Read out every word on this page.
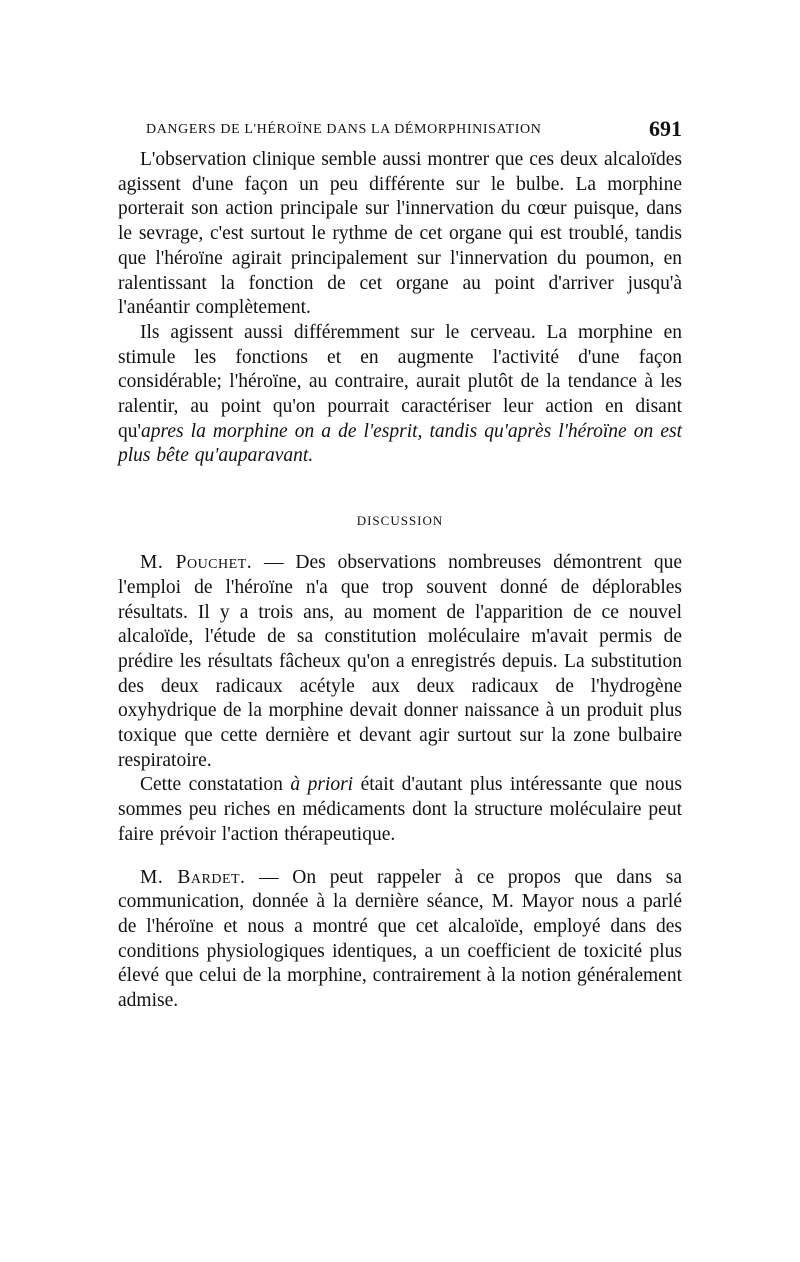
DANGERS DE L'HÉROÏNE DANS LA DÉMORPHINISATION	691

L'observation clinique semble aussi montrer que ces deux alcaloïdes agissent d'une façon un peu différente sur le bulbe. La morphine porterait son action principale sur l'innervation du cœur puisque, dans le sevrage, c'est surtout le rythme de cet organe qui est troublé, tandis que l'héroïne agirait principalement sur l'innervation du poumon, en ralentissant la fonction de cet organe au point d'arriver jusqu'à l'anéantir complètement.

Ils agissent aussi différemment sur le cerveau. La morphine en stimule les fonctions et en augmente l'activité d'une façon considérable; l'héroïne, au contraire, aurait plutôt de la tendance à les ralentir, au point qu'on pourrait caractériser leur action en disant qu'apres la morphine on a de l'esprit, tandis qu'après l'héroïne on est plus bête qu'auparavant.

DISCUSSION

M. Pouchet. — Des observations nombreuses démontrent que l'emploi de l'héroïne n'a que trop souvent donné de déplorables résultats. Il y a trois ans, au moment de l'apparition de ce nouvel alcaloïde, l'étude de sa constitution moléculaire m'avait permis de prédire les résultats fâcheux qu'on a enregistrés depuis. La substitution des deux radicaux acétyle aux deux radicaux de l'hydrogène oxyhydrique de la morphine devait donner naissance à un produit plus toxique que cette dernière et devant agir surtout sur la zone bulbaire respiratoire.

Cette constatation à priori était d'autant plus intéressante que nous sommes peu riches en médicaments dont la structure moléculaire peut faire prévoir l'action thérapeutique.

M. Bardet. — On peut rappeler à ce propos que dans sa communication, donnée à la dernière séance, M. Mayor nous a parlé de l'héroïne et nous a montré que cet alcaloïde, employé dans des conditions physiologiques identiques, a un coefficient de toxicité plus élevé que celui de la morphine, contrairement à la notion généralement admise.
